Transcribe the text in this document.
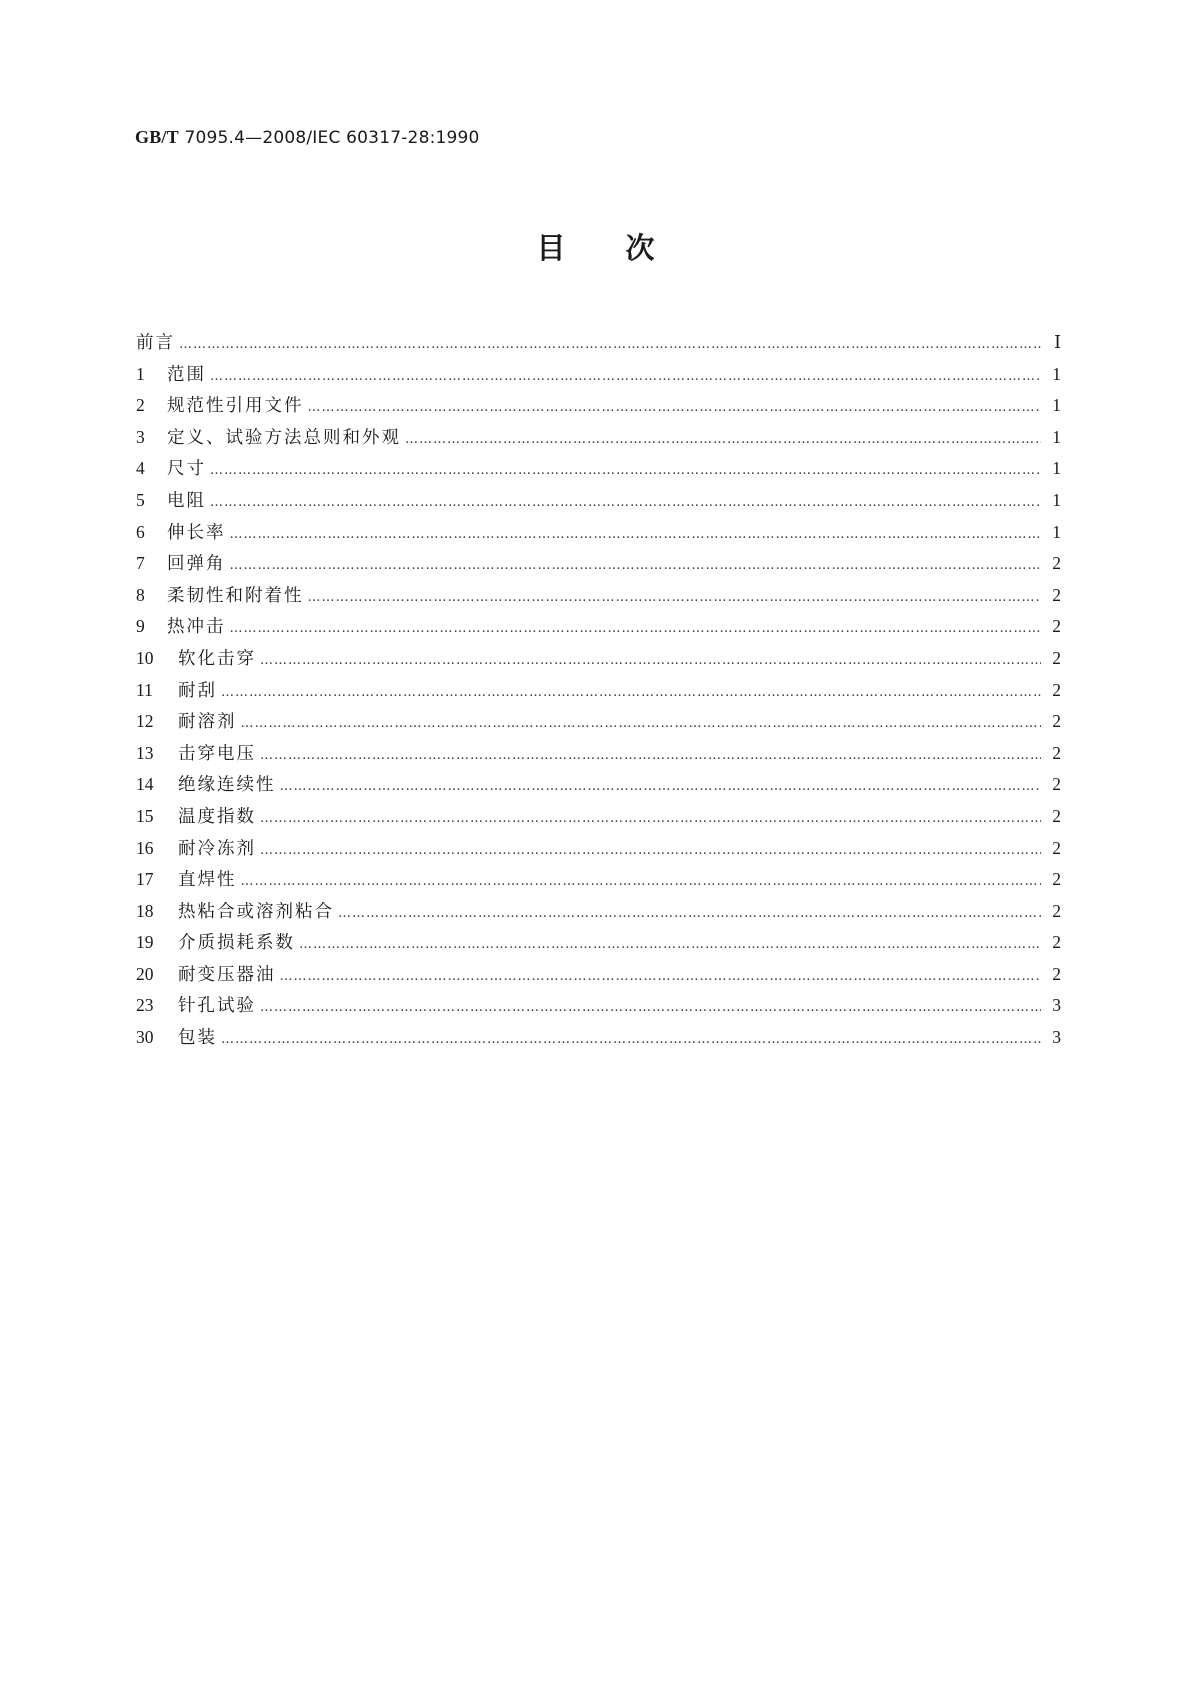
GB/T 7095.4—2008/IEC 60317-28:1990
目次
前言 …………………………………………………………………………………………………………………………………………………………………………………………………………………………	Ⅰ
1	范围 …………………………………………………………………………………………………………………………………………………………………………………………………………………………	1
2	规范性引用文件 …………………………………………………………………………………………………………………………………………………………………………………………………………………………	1
3	定义、试验方法总则和外观 …………………………………………………………………………………………………………………………………………………………………………………………………………………………	1
4	尺寸 …………………………………………………………………………………………………………………………………………………………………………………………………………………………	1
5	电阻 …………………………………………………………………………………………………………………………………………………………………………………………………………………………	1
6	伸长率 …………………………………………………………………………………………………………………………………………………………………………………………………………………………	1
7	回弹角 …………………………………………………………………………………………………………………………………………………………………………………………………………………………	2
8	柔韧性和附着性 …………………………………………………………………………………………………………………………………………………………………………………………………………………………	2
9	热冲击 …………………………………………………………………………………………………………………………………………………………………………………………………………………………	2
10	软化击穿 …………………………………………………………………………………………………………………………………………………………………………………………………………………………	2
11	耐刮 …………………………………………………………………………………………………………………………………………………………………………………………………………………………	2
12	耐溶剂 …………………………………………………………………………………………………………………………………………………………………………………………………………………………	2
13	击穿电压 …………………………………………………………………………………………………………………………………………………………………………………………………………………………	2
14	绝缘连续性 …………………………………………………………………………………………………………………………………………………………………………………………………………………………	2
15	温度指数 …………………………………………………………………………………………………………………………………………………………………………………………………………………………	2
16	耐冷冻剂 …………………………………………………………………………………………………………………………………………………………………………………………………………………………	2
17	直焊性 …………………………………………………………………………………………………………………………………………………………………………………………………………………………	2
18	热粘合或溶剂粘合 …………………………………………………………………………………………………………………………………………………………………………………………………………………………	2
19	介质损耗系数 …………………………………………………………………………………………………………………………………………………………………………………………………………………………	2
20	耐变压器油 …………………………………………………………………………………………………………………………………………………………………………………………………………………………	2
23	针孔试验 …………………………………………………………………………………………………………………………………………………………………………………………………………………………	3
30	包装 …………………………………………………………………………………………………………………………………………………………………………………………………………………………	3
